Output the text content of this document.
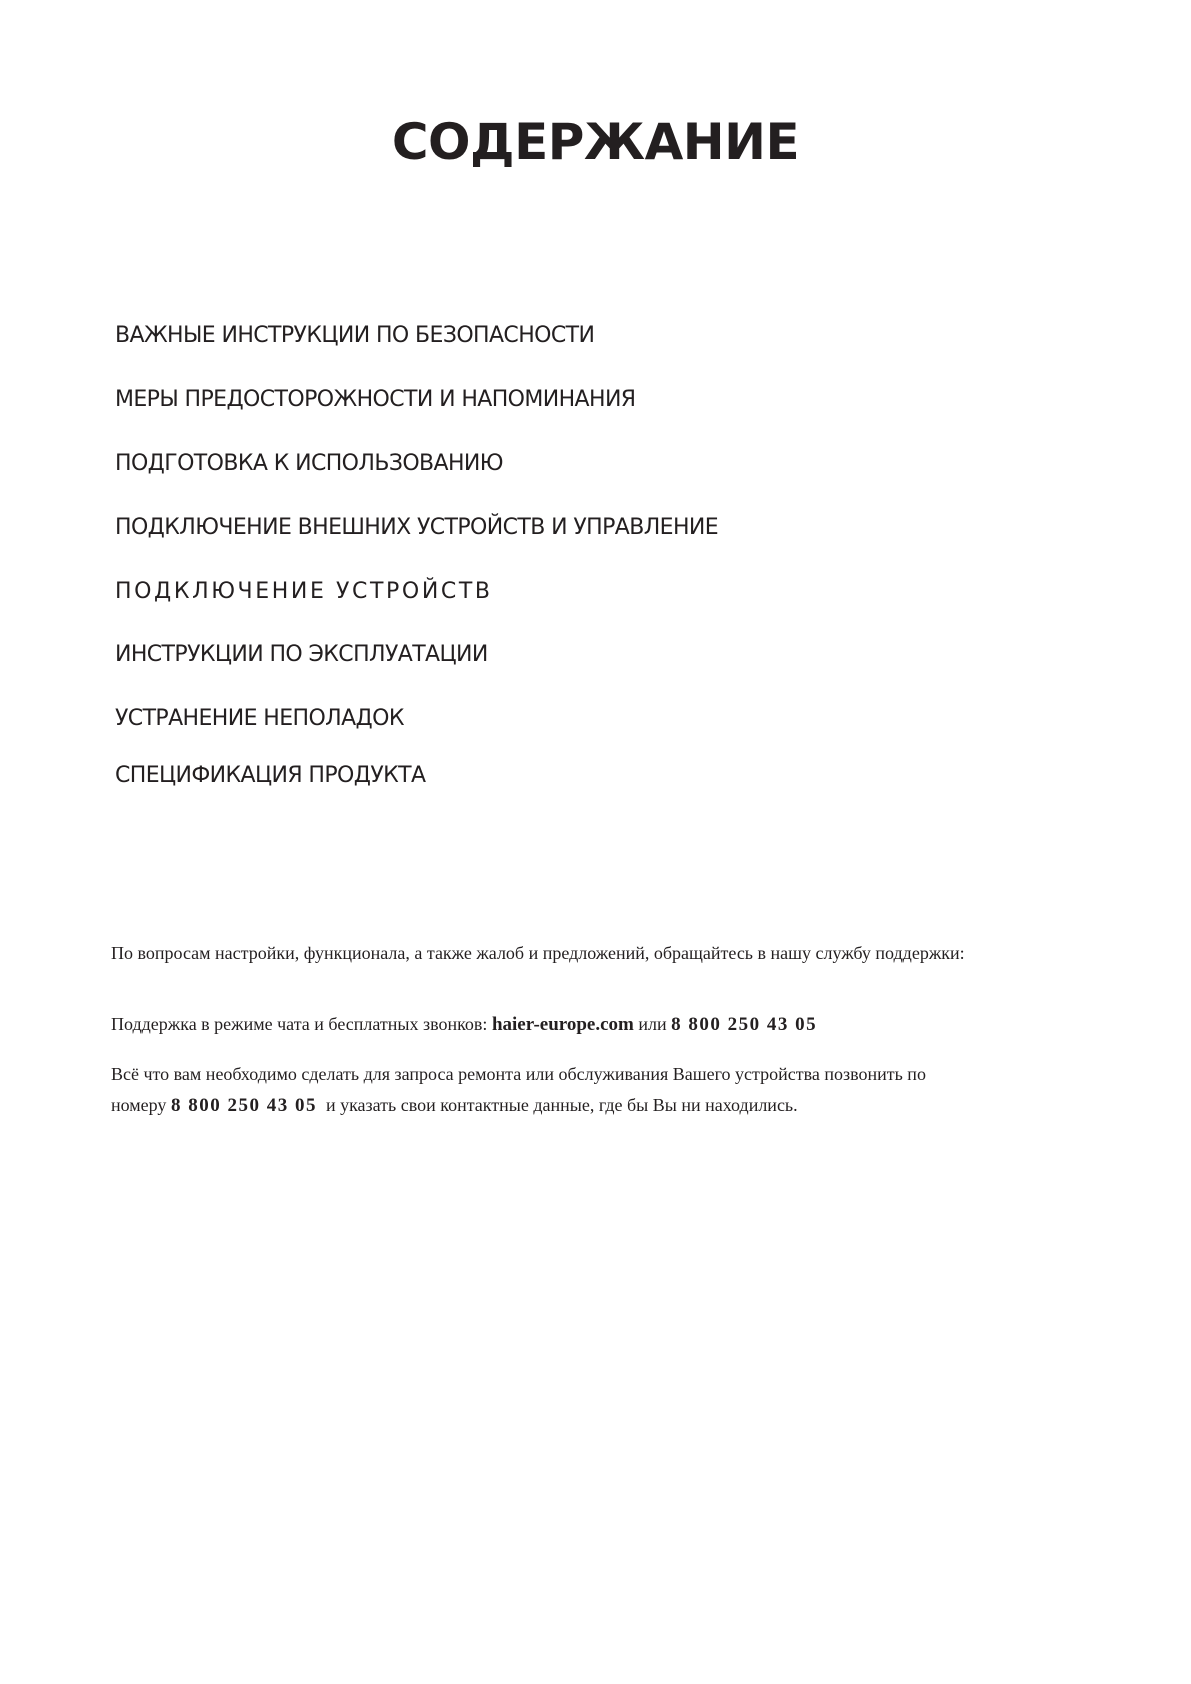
СОДЕРЖАНИЕ
ВАЖНЫЕ ИНСТРУКЦИИ ПО БЕЗОПАСНОСТИ
МЕРЫ ПРЕДОСТОРОЖНОСТИ И НАПОМИНАНИЯ
ПОДГОТОВКА К ИСПОЛЬЗОВАНИЮ
ПОДКЛЮЧЕНИЕ ВНЕШНИХ УСТРОЙСТВ И УПРАВЛЕНИЕ
ПОДКЛЮЧЕНИЕ УСТРОЙСТВ
ИНСТРУКЦИИ ПО ЭКСПЛУАТАЦИИ
УСТРАНЕНИЕ НЕПОЛАДОК
СПЕЦИФИКАЦИЯ ПРОДУКТА
По вопросам настройки, функционала, а также жалоб и предложений, обращайтесь в нашу службу поддержки:
Поддержка в режиме чата и бесплатных звонков: haier-europe.com или 8 800 250 43 05
Всё что вам необходимо сделать для запроса ремонта или обслуживания Вашего устройства позвонить по
номеру 8 800 250 43 05  и указать свои контактные данные, где бы Вы ни находились.
